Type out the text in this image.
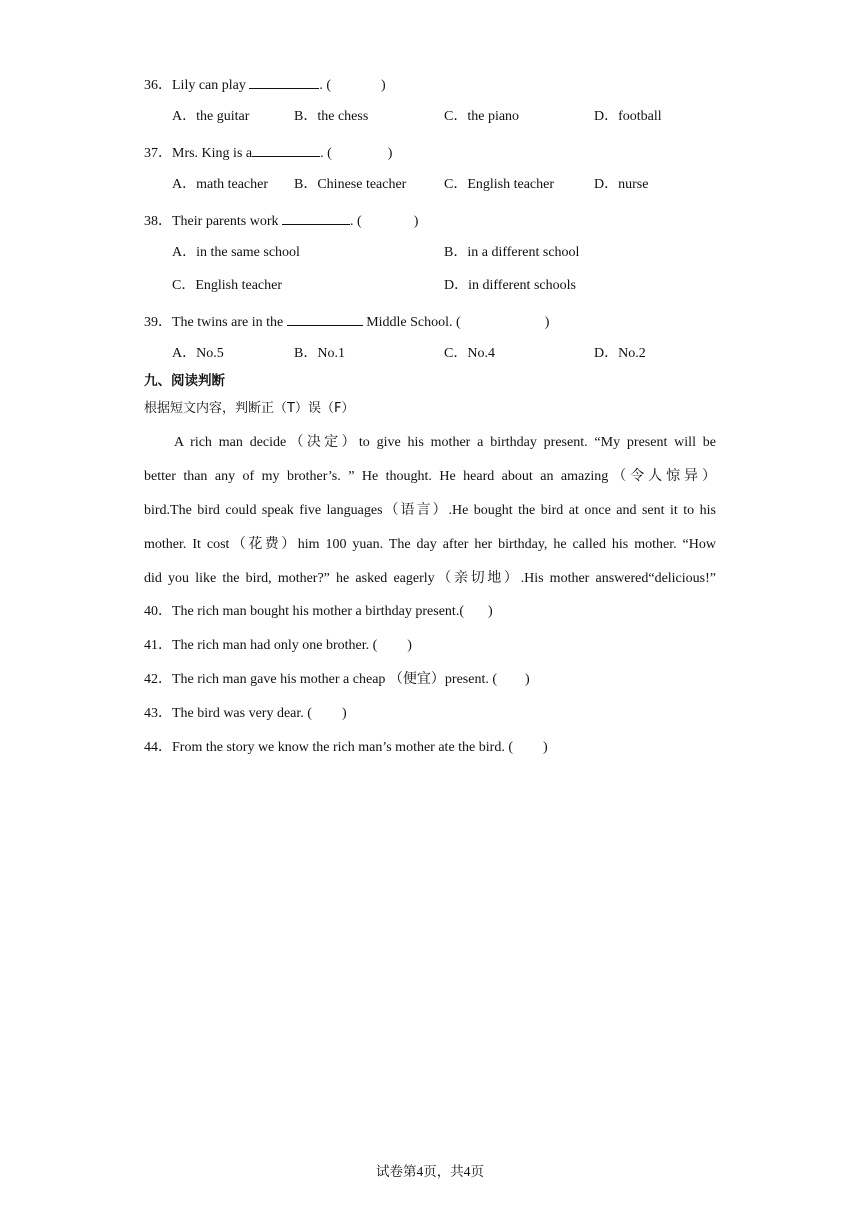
36．Lily can play	. (	)
A．the guitar	B．the chess	C．the piano	D．football
37．Mrs. King is a	. (	)
A．math teacher B．Chinese teacher	C．English teacher	D．nurse
38．Their parents work	. (	)
A．in the same school	B．in a different school
C．English teacher	D．in different schools
39．The twins are in the	Middle School. (	)
A．No.5	B．No.1	C．No.4	D．No.2
九、阅读判断
根据短文内容，判断正（T）误（F）
A rich man decide（决定）to give his mother a birthday present. “My present will be
better than any of my brother’s. ” He thought. He heard about an amazing（令人惊异）
bird.The bird could speak five languages（语言）.He bought the bird at once and sent it to his
mother. It cost（花费）him 100 yuan. The day after her birthday, he called his mother. “How
did you like the bird, mother?” he asked eagerly（亲切地）.His mother answered“delicious!”
40．The rich man bought his mother a birthday present.( )
41．The rich man had only one brother. ( )
42．The rich man gave his mother a cheap （便宜）present. ( )
43．The bird was very dear. ( )
44．From the story we know the rich man’s mother ate the bird. ( )
试卷第4页，共4页
